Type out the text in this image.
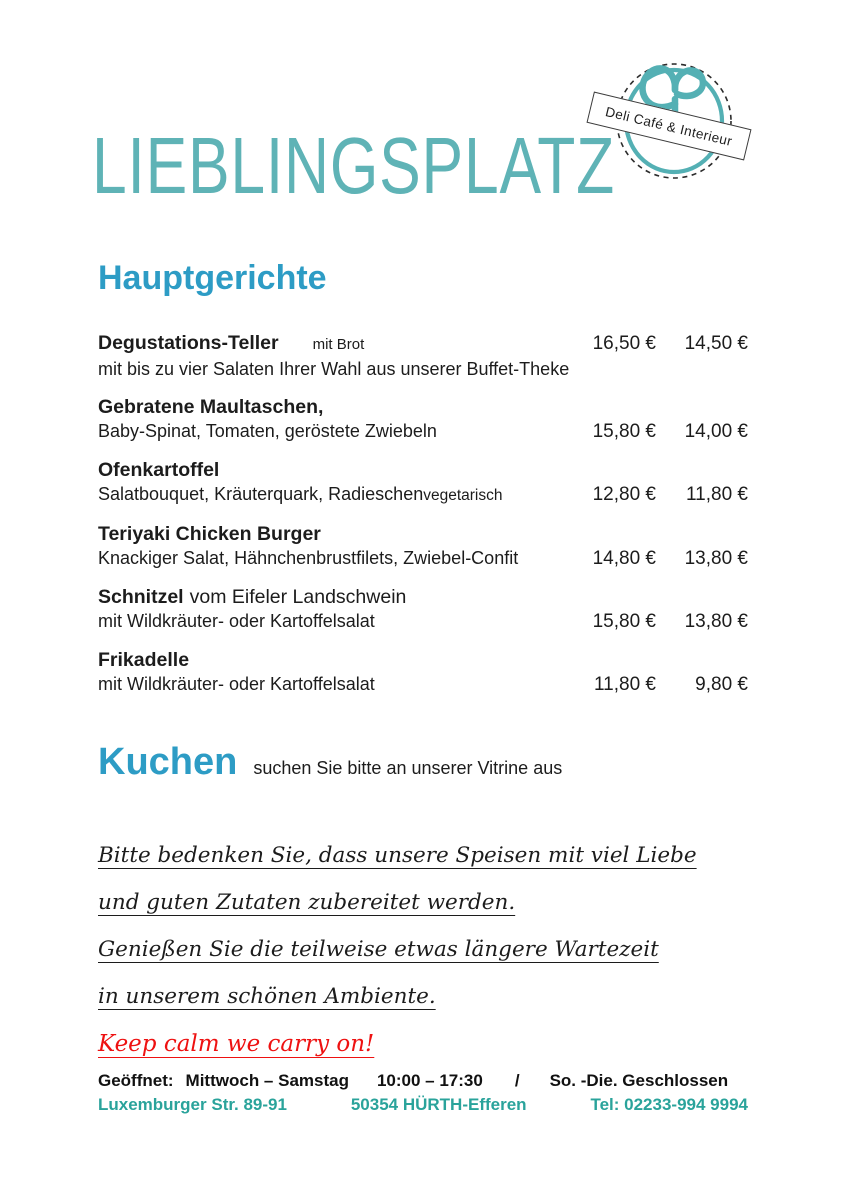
LIEBLINGSPLATZ
Deli Café & Interieur
Hauptgerichte
Degustations-Teller mit Brot	16,50 €	14,50 €
mit bis zu vier Salaten Ihrer Wahl aus unserer Buffet-Theke
Gebratene Maultaschen,
Baby-Spinat, Tomaten, geröstete Zwiebeln	15,80 €	14,00 €
Ofenkartoffel
Salatbouquet, Kräuterquark, Radieschen vegetarisch	12,80 €	11,80 €
Teriyaki Chicken Burger
Knackiger Salat, Hähnchenbrustfilets, Zwiebel-Confit	14,80 €	13,80 €
Schnitzel vom Eifeler Landschwein
mit Wildkräuter- oder Kartoffelsalat	15,80 €	13,80 €
Frikadelle
mit Wildkräuter- oder Kartoffelsalat	11,80 €	9,80 €
Kuchen suchen Sie bitte an unserer Vitrine aus
Bitte bedenken Sie, dass unsere Speisen mit viel Liebe
und guten Zutaten zubereitet werden.
Genießen Sie die teilweise etwas längere Wartezeit
in unserem schönen Ambiente.
Keep calm we carry on!
Geöffnet: Mittwoch – Samstag 10:00 – 17:30 / So. -Die. Geschlossen
Luxemburger Str. 89-91	50354 HÜRTH-Efferen	Tel: 02233-994 9994
